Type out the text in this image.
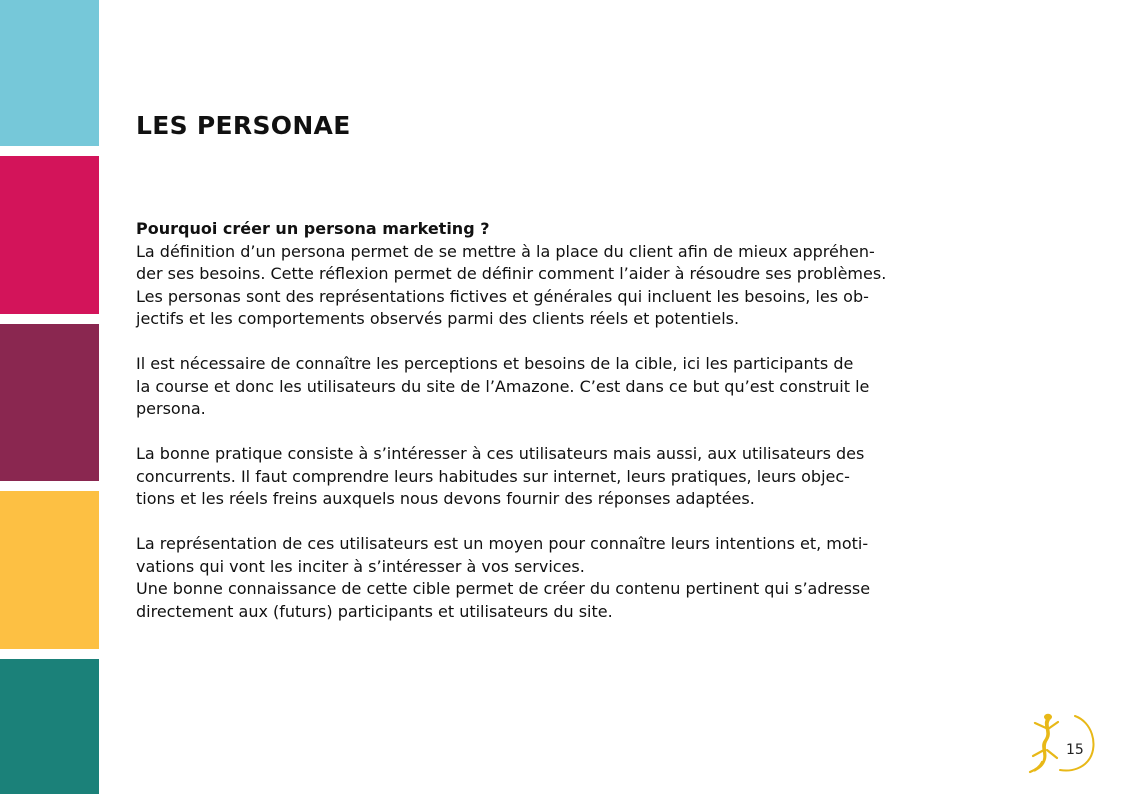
LES PERSONAE

Pourquoi créer un persona marketing ?
La définition d’un persona permet de se mettre à la place du client afin de mieux appréhen-
der ses besoins. Cette réflexion permet de définir comment l’aider à résoudre ses problèmes.
Les personas sont des représentations fictives et générales qui incluent les besoins, les ob-
jectifs et les comportements observés parmi des clients réels et potentiels.

Il est nécessaire de connaître les perceptions et besoins de la cible, ici les participants de
la course et donc les utilisateurs du site de l’Amazone. C’est dans ce but qu’est construit le
persona.

La bonne pratique consiste à s’intéresser à ces utilisateurs mais aussi, aux utilisateurs des
concurrents. Il faut comprendre leurs habitudes sur internet, leurs pratiques, leurs objec-
tions et les réels freins auxquels nous devons fournir des réponses adaptées.

La représentation de ces utilisateurs est un moyen pour connaître leurs intentions et, moti-
vations qui vont les inciter à s’intéresser à vos services.
Une bonne connaissance de cette cible permet de créer du contenu pertinent qui s’adresse
directement aux (futurs) participants et utilisateurs du site.

15
